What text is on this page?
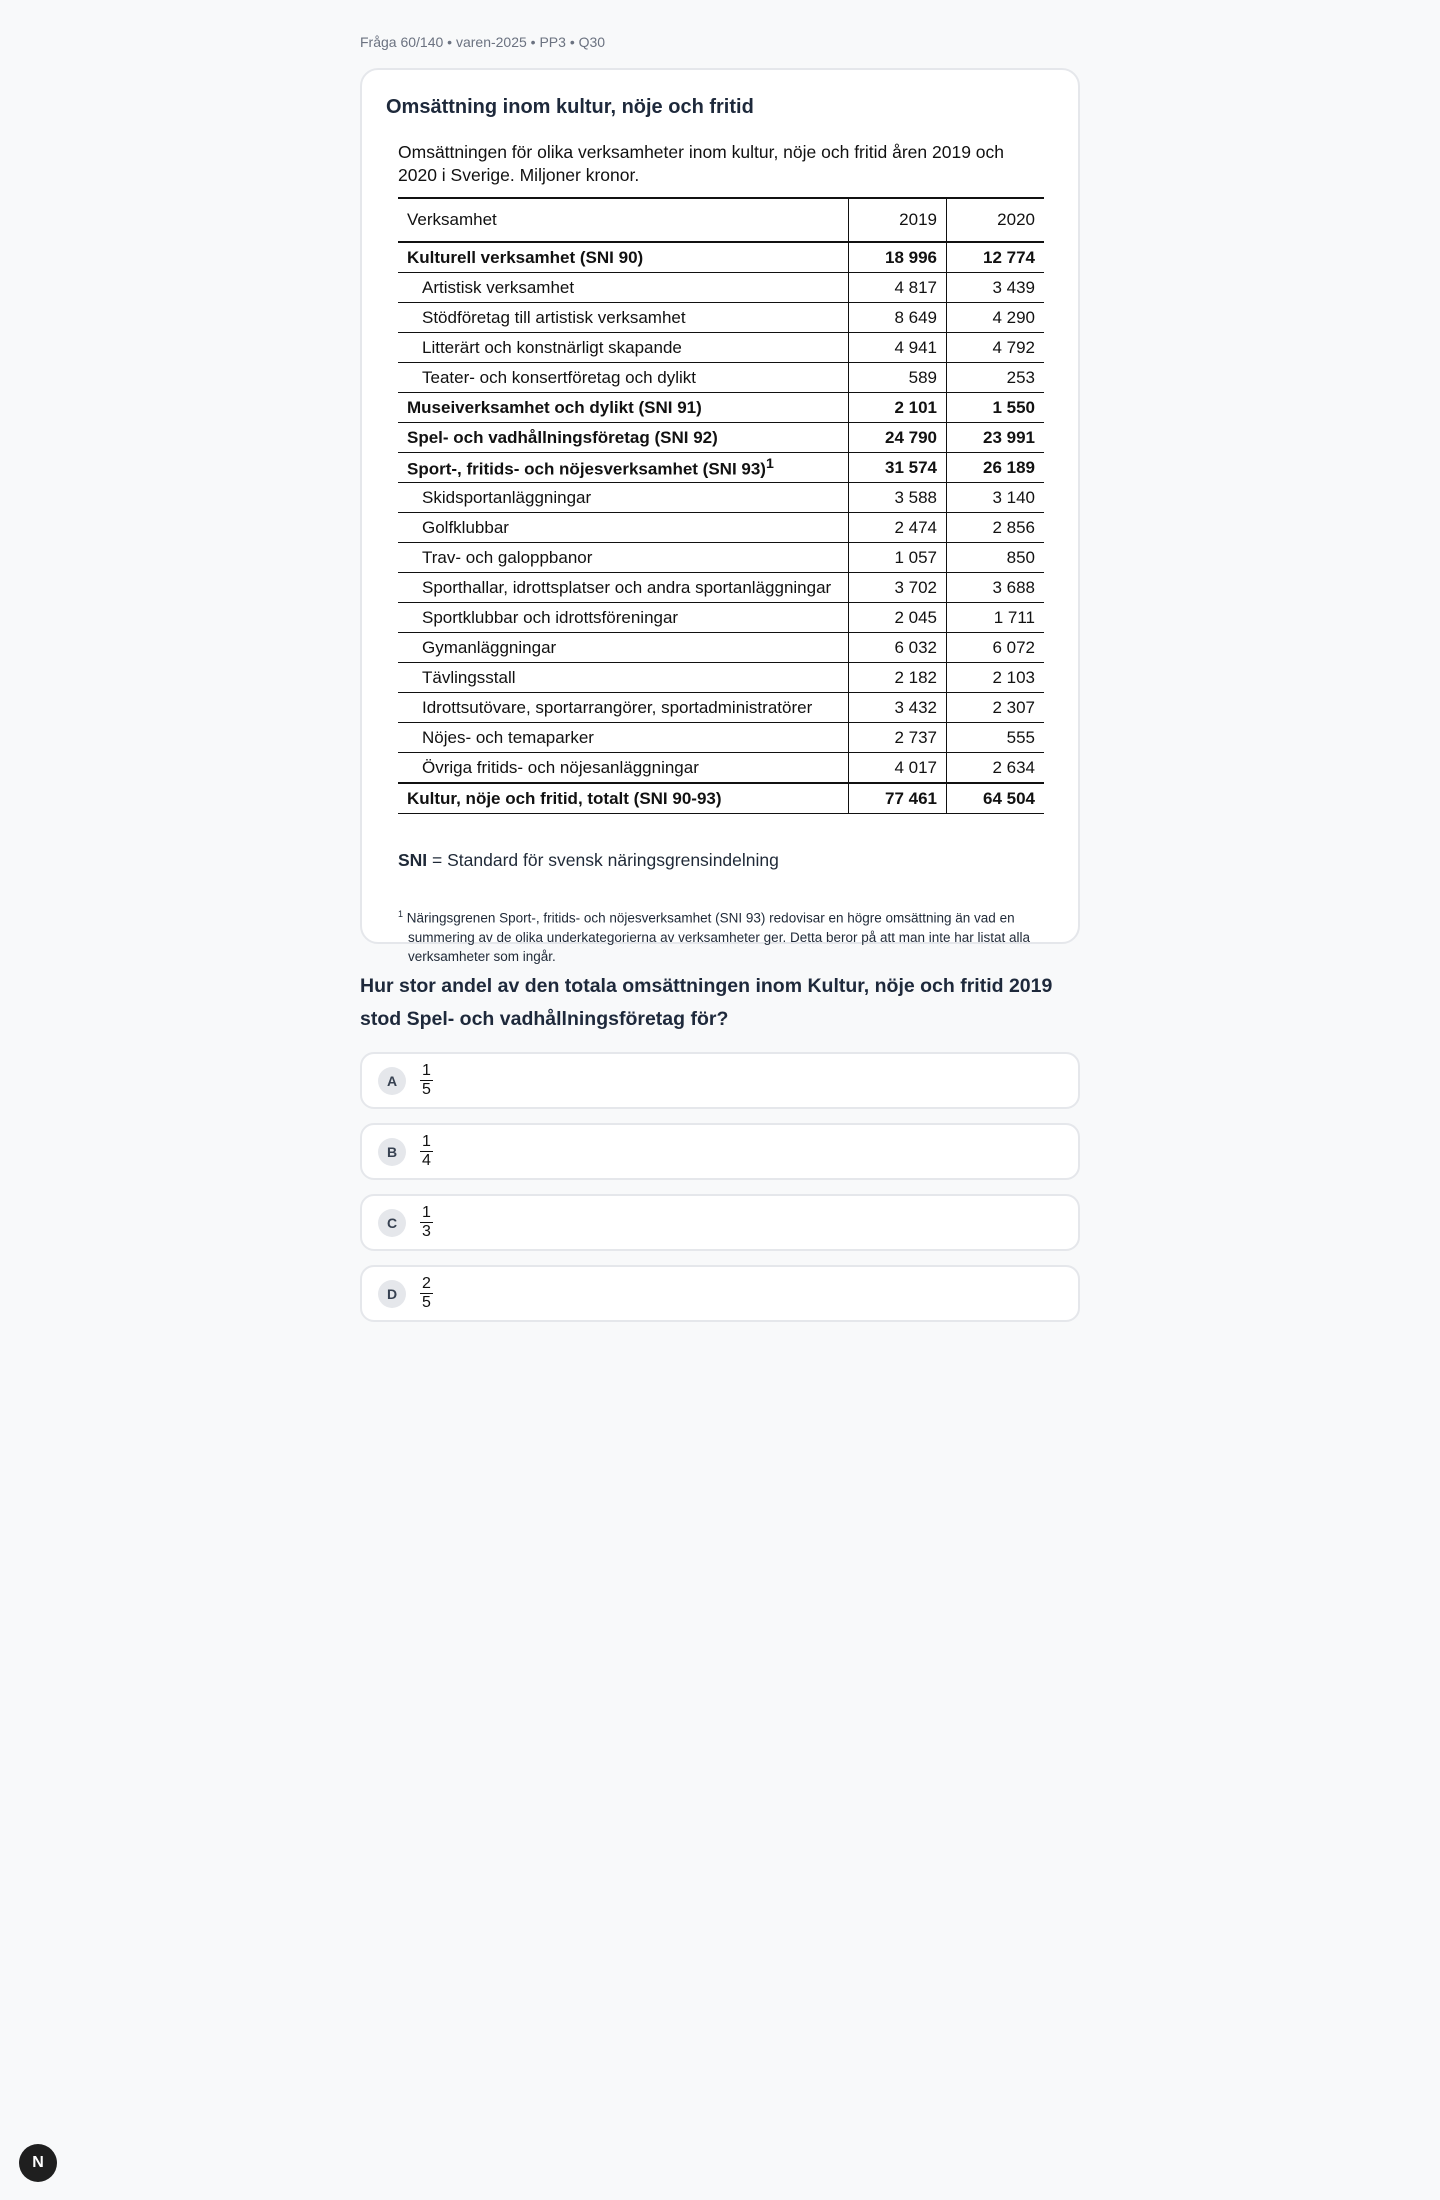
Fråga 60/140 • varen-2025 • PP3 • Q30
Omsättning inom kultur, nöje och fritid
Omsättningen för olika verksamheter inom kultur, nöje och fritid åren 2019 och 2020 i Sverige. Miljoner kronor.
Verksamhet	2019	2020
Kulturell verksamhet (SNI 90)	18 996	12 774
Artistisk verksamhet	4 817	3 439
Stödföretag till artistisk verksamhet	8 649	4 290
Litterärt och konstnärligt skapande	4 941	4 792
Teater- och konsertföretag och dylikt	589	253
Museiverksamhet och dylikt (SNI 91)	2 101	1 550
Spel- och vadhållningsföretag (SNI 92)	24 790	23 991
Sport-, fritids- och nöjesverksamhet (SNI 93)$^1$	31 574	26 189
Skidsportanläggningar	3 588	3 140
Golfklubbar	2 474	2 856
Trav- och galoppbanor	1 057	850
Sporthallar, idrottsplatser och andra sportanläggningar	3 702	3 688
Sportklubbar och idrottsföreningar	2 045	1 711
Gymanläggningar	6 032	6 072
Tävlingsstall	2 182	2 103
Idrottsutövare, sportarrangörer, sportadministratörer	3 432	2 307
Nöjes- och temaparker	2 737	555
Övriga fritids- och nöjesanläggningar	4 017	2 634
Kultur, nöje och fritid, totalt (SNI 90-93)	77 461	64 504
SNI = Standard för svensk näringsgrensindelning
$^1$ Näringsgrenen Sport-, fritids- och nöjesverksamhet (SNI 93) redovisar en högre omsättning än vad en summering av de olika underkategorierna av verksamheter ger. Detta beror på att man inte har listat alla verksamheter som ingår.
Hur stor andel av den totala omsättningen inom Kultur, nöje och fritid 2019 stod Spel- och vadhållningsföretag för?
A	$\frac{1}{5}$
B	$\frac{1}{4}$
C	$\frac{1}{3}$
D	$\frac{2}{5}$
N
